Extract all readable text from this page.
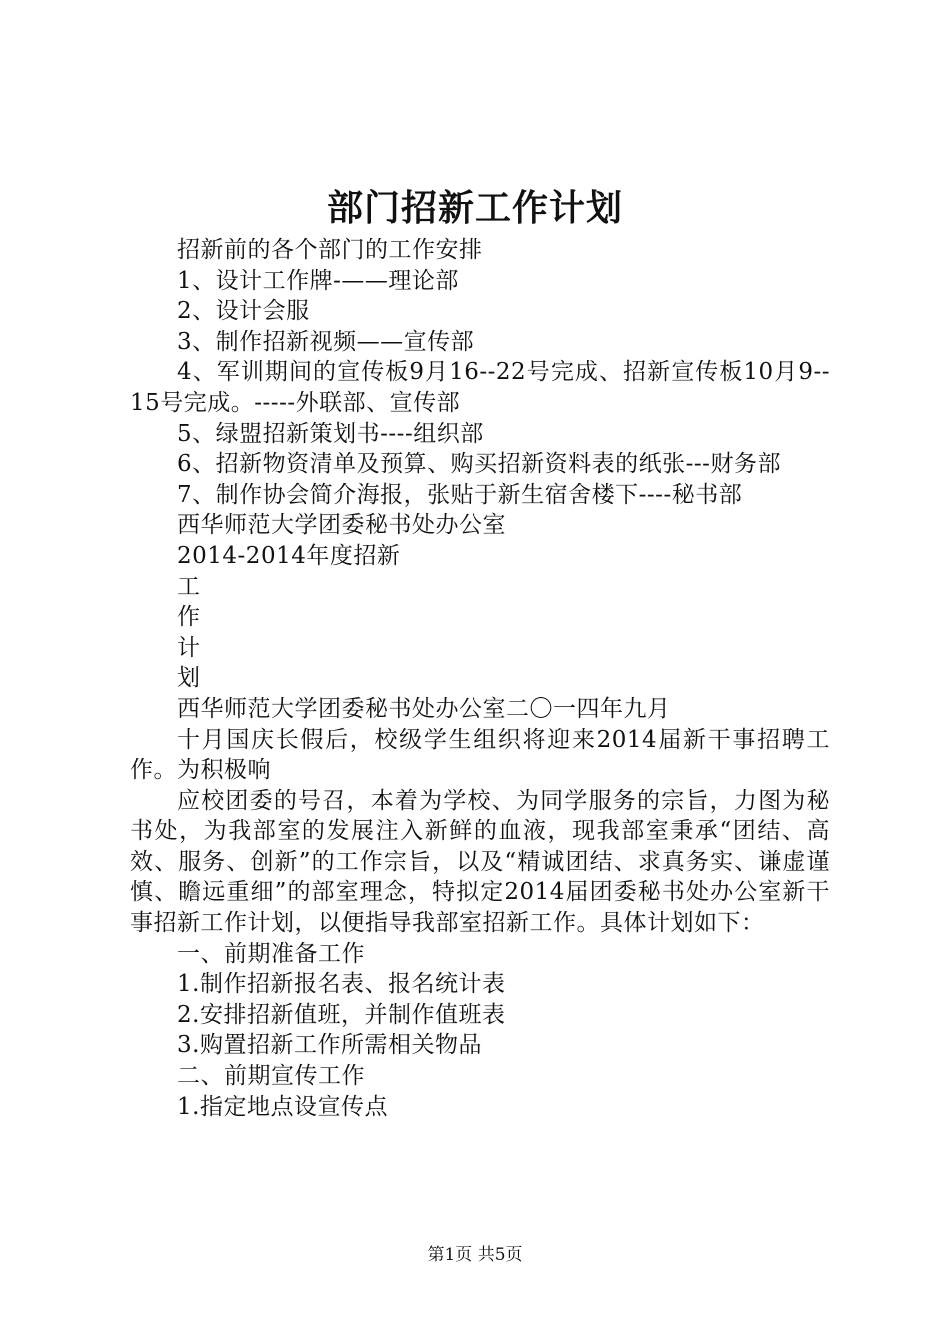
部门招新工作计划

招新前的各个部门的工作安排

1、设计工作牌-——理论部

2、设计会服

3、制作招新视频——宣传部

4、军训期间的宣传板9月16--22号完成、招新宣传板10月9--15号完成。-----外联部、宣传部

5、绿盟招新策划书----组织部

6、招新物资清单及预算、购买招新资料表的纸张---财务部

7、制作协会简介海报，张贴于新生宿舍楼下----秘书部

西华师范大学团委秘书处办公室

2014-2014年度招新

工

作

计

划

西华师范大学团委秘书处办公室二〇一四年九月

十月国庆长假后，校级学生组织将迎来2014届新干事招聘工作。为积极响

应校团委的号召，本着为学校、为同学服务的宗旨，力图为秘书处，为我部室的发展注入新鲜的血液，现我部室秉承“团结、高效、服务、创新”的工作宗旨，以及“精诚团结、求真务实、谦虚谨慎、瞻远重细”的部室理念，特拟定2014届团委秘书处办公室新干事招新工作计划，以便指导我部室招新工作。具体计划如下：

一、前期准备工作

1.制作招新报名表、报名统计表

2.安排招新值班，并制作值班表

3.购置招新工作所需相关物品

二、前期宣传工作

1.指定地点设宣传点

第1页 共5页
